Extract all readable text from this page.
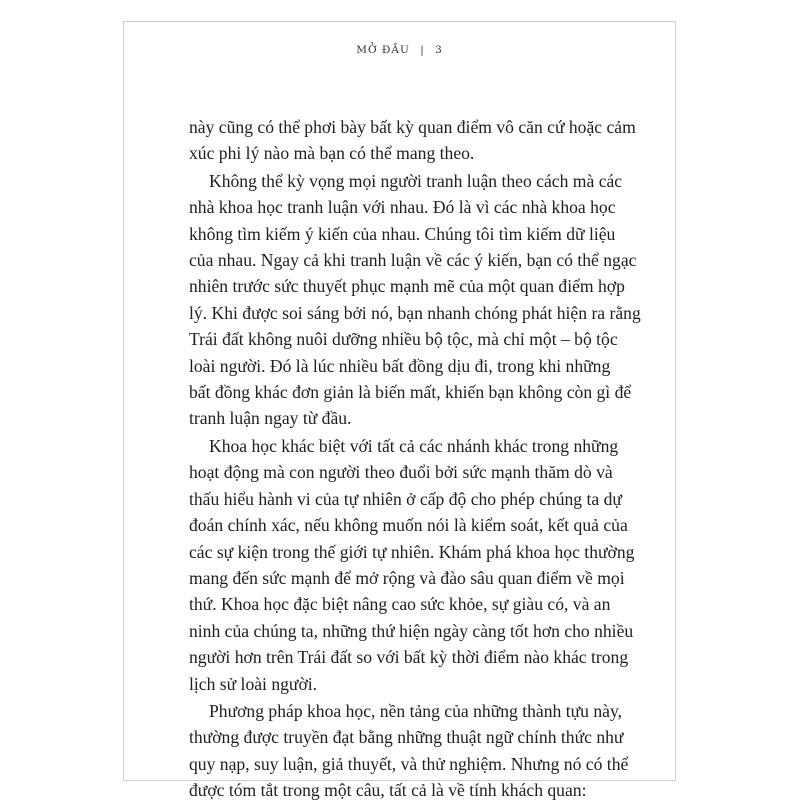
MỞ ĐẦU | 3

này cũng có thể phơi bày bất kỳ quan điểm vô căn cứ hoặc cảm
xúc phi lý nào mà bạn có thể mang theo.

Không thể kỳ vọng mọi người tranh luận theo cách mà các
nhà khoa học tranh luận với nhau. Đó là vì các nhà khoa học
không tìm kiếm ý kiến của nhau. Chúng tôi tìm kiếm dữ liệu
của nhau. Ngay cả khi tranh luận về các ý kiến, bạn có thể ngạc
nhiên trước sức thuyết phục mạnh mẽ của một quan điểm hợp
lý. Khi được soi sáng bởi nó, bạn nhanh chóng phát hiện ra rằng
Trái đất không nuôi dưỡng nhiều bộ tộc, mà chỉ một – bộ tộc
loài người. Đó là lúc nhiều bất đồng dịu đi, trong khi những
bất đồng khác đơn giản là biến mất, khiến bạn không còn gì để
tranh luận ngay từ đầu.

Khoa học khác biệt với tất cả các nhánh khác trong những
hoạt động mà con người theo đuổi bởi sức mạnh thăm dò và
thấu hiểu hành vi của tự nhiên ở cấp độ cho phép chúng ta dự
đoán chính xác, nếu không muốn nói là kiểm soát, kết quả của
các sự kiện trong thế giới tự nhiên. Khám phá khoa học thường
mang đến sức mạnh để mở rộng và đào sâu quan điểm về mọi
thứ. Khoa học đặc biệt nâng cao sức khỏe, sự giàu có, và an
ninh của chúng ta, những thứ hiện ngày càng tốt hơn cho nhiều
người hơn trên Trái đất so với bất kỳ thời điểm nào khác trong
lịch sử loài người.

Phương pháp khoa học, nền tảng của những thành tựu này,
thường được truyền đạt bằng những thuật ngữ chính thức như
quy nạp, suy luận, giả thuyết, và thử nghiệm. Nhưng nó có thể
được tóm tắt trong một câu, tất cả là về tính khách quan:
